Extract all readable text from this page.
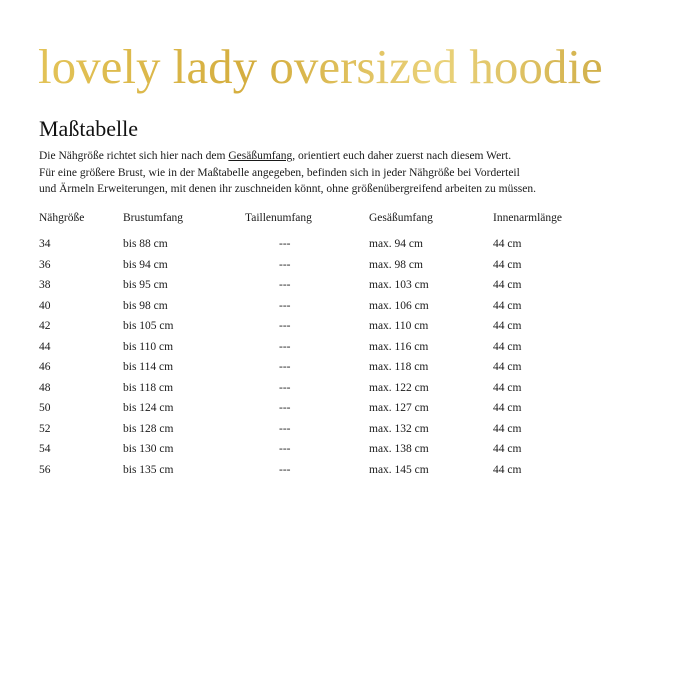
lovely lady oversized hoodie
Maßtabelle
Die Nähgröße richtet sich hier nach dem Gesäßumfang, orientiert euch daher zuerst nach diesem Wert.
Für eine größere Brust, wie in der Maßtabelle angegeben, befinden sich in jeder Nähgröße bei Vorderteil
und Ärmeln Erweiterungen, mit denen ihr zuschneiden könnt, ohne größenübergreifend arbeiten zu müssen.
Nähgröße	Brustumfang	Taillenumfang	Gesäßumfang	Innenarmlänge
34	bis 88 cm	---	max. 94 cm	44 cm
36	bis 94 cm	---	max. 98 cm	44 cm
38	bis 95 cm	---	max. 103 cm	44 cm
40	bis 98 cm	---	max. 106 cm	44 cm
42	bis 105 cm	---	max. 110 cm	44 cm
44	bis 110 cm	---	max. 116 cm	44 cm
46	bis 114 cm	---	max. 118 cm	44 cm
48	bis 118 cm	---	max. 122 cm	44 cm
50	bis 124 cm	---	max. 127 cm	44 cm
52	bis 128 cm	---	max. 132 cm	44 cm
54	bis 130 cm	---	max. 138 cm	44 cm
56	bis 135 cm	---	max. 145 cm	44 cm
